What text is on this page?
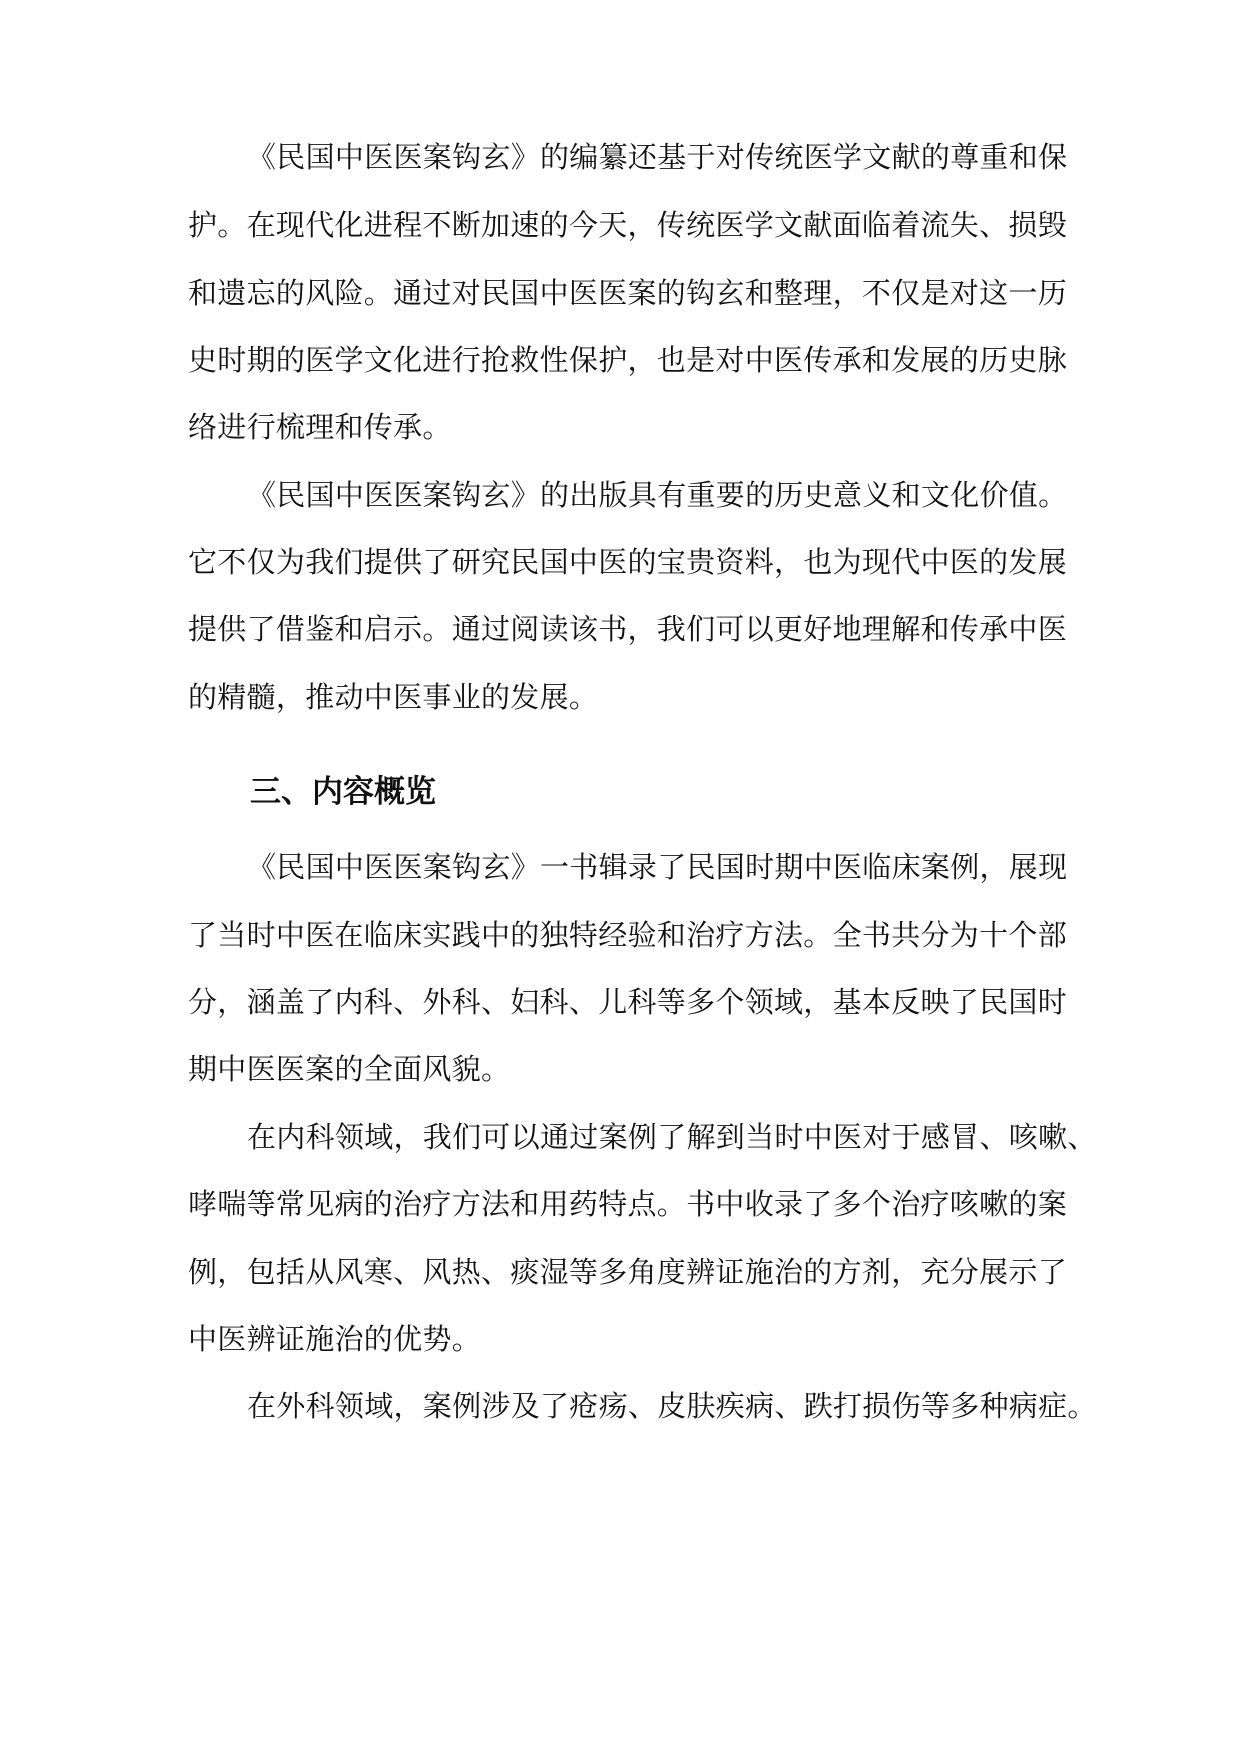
《民国中医医案钩玄》的编纂还基于对传统医学文献的尊重和保
护。在现代化进程不断加速的今天，传统医学文献面临着流失、损毁
和遗忘的风险。通过对民国中医医案的钩玄和整理，不仅是对这一历
史时期的医学文化进行抢救性保护，也是对中医传承和发展的历史脉
络进行梳理和传承。
《民国中医医案钩玄》的出版具有重要的历史意义和文化价值。
它不仅为我们提供了研究民国中医的宝贵资料，也为现代中医的发展
提供了借鉴和启示。通过阅读该书，我们可以更好地理解和传承中医
的精髓，推动中医事业的发展。
三、内容概览
《民国中医医案钩玄》一书辑录了民国时期中医临床案例，展现
了当时中医在临床实践中的独特经验和治疗方法。全书共分为十个部
分，涵盖了内科、外科、妇科、儿科等多个领域，基本反映了民国时
期中医医案的全面风貌。
在内科领域，我们可以通过案例了解到当时中医对于感冒、咳嗽、
哮喘等常见病的治疗方法和用药特点。书中收录了多个治疗咳嗽的案
例，包括从风寒、风热、痰湿等多角度辨证施治的方剂，充分展示了
中医辨证施治的优势。
在外科领域，案例涉及了疮疡、皮肤疾病、跌打损伤等多种病症。
